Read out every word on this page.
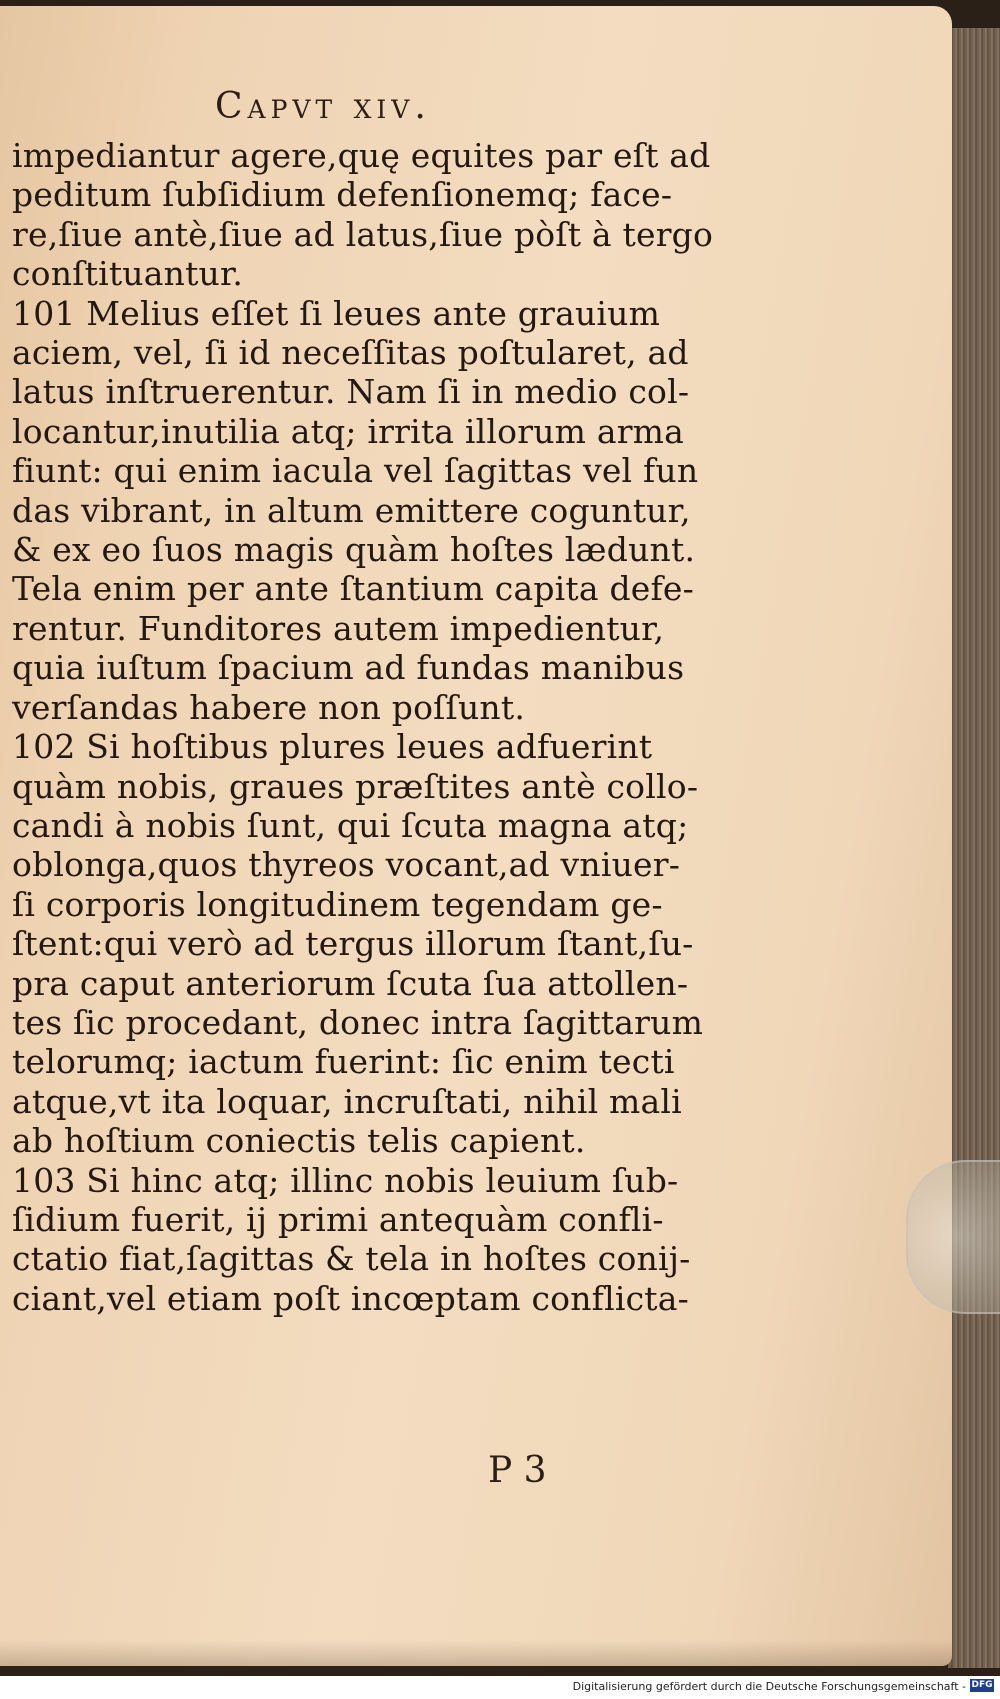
Capvt xiv.
impediantur agere,quę equites par eſt ad
peditum ſubſidium defenſionemq; face-
re,ſiue antè,ſiue ad latus,ſiue pòſt à tergo
conſtituantur.
101 Melius eſſet ſi leues ante grauium
aciem, vel, ſi id neceſſitas poſtularet, ad
latus inſtruerentur. Nam ſi in medio col-
locantur,inutilia atq; irrita illorum arma
fiunt: qui enim iacula vel ſagittas vel fun
das vibrant, in altum emittere coguntur,
& ex eo ſuos magis quàm hoſtes lædunt.
Tela enim per ante ſtantium capita defe-
rentur. Funditores autem impedientur,
quia iuſtum ſpacium ad fundas manibus
verſandas habere non poſſunt.
102 Si hoſtibus plures leues adfuerint
quàm nobis, graues præſtites antè collo-
candi à nobis ſunt, qui ſcuta magna atq;
oblonga,quos thyreos vocant,ad vniuer-
ſi corporis longitudinem tegendam ge-
ſtent:qui verò ad tergus illorum ſtant,ſu-
pra caput anteriorum ſcuta ſua attollen-
tes ſic procedant, donec intra ſagittarum
telorumq; iactum fuerint: ſic enim tecti
atque,vt ita loquar, incruſtati, nihil mali
ab hoſtium coniectis telis capient.
103 Si hinc atq; illinc nobis leuium ſub-
ſidium fuerit, ij primi antequàm confli-
ctatio fiat,ſagittas & tela in hoſtes conij-
ciant,vel etiam poſt incœptam conflicta-
P 3
Digitalisierung gefördert durch die Deutsche Forschungsgemeinschaft - DFG
